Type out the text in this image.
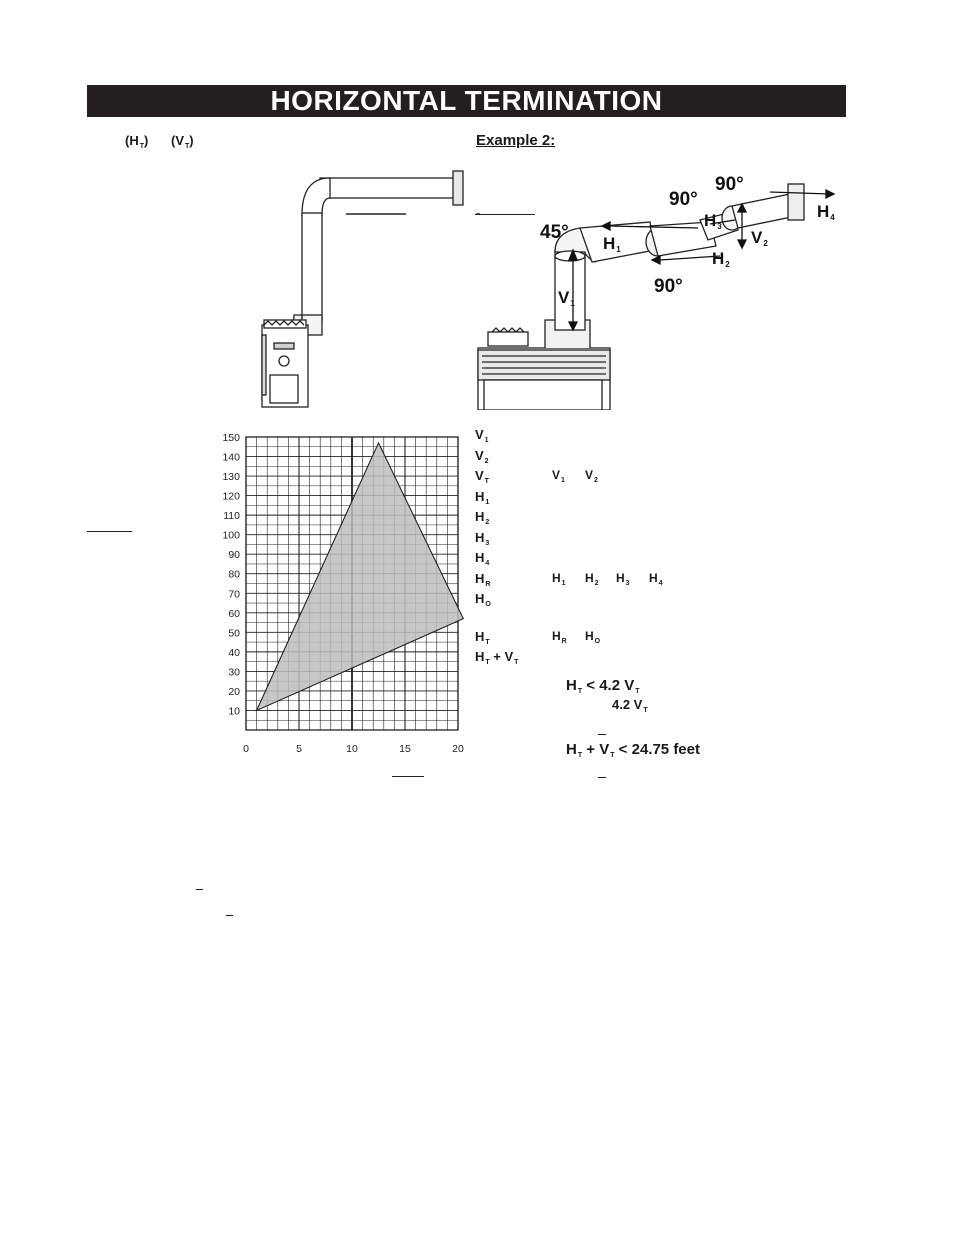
HORIZONTAL TERMINATION
$(H_T)$ $(V_T)$	Example 2:
90°
90°
90°
45°
H1	H2
H3
H4
V1
V2
150
140
130
120
110
100
90
80
70
60
50
40
30
20
10
0	5	10	15	20
$V_1$
$V_2$
$V_T$	$V_1$ $V_2$
$H_1$
$H_2$
$H_3$
$H_4$
$H_R$	$H_1$ $H_2$ $H_3$ $H_4$
$H_O$
$H_T$	$H_R$ $H_O$
$H_T + V_T$
$H_T < 4.2$ $V_T$
4.2 $V_T$
$H_T + V_T < 24.75$ feet
